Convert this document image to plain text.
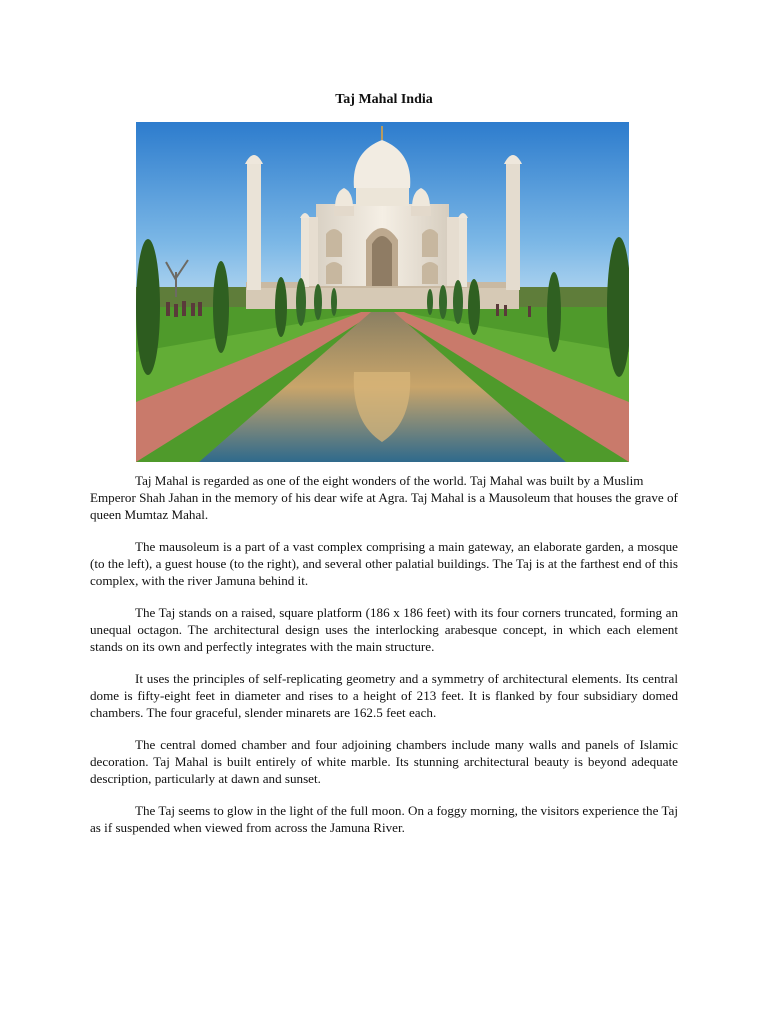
Taj Mahal India

Taj Mahal is regarded as one of the eight wonders of the world. Taj Mahal was built by a Muslim Emperor Shah Jahan in the memory of his dear wife at Agra. Taj Mahal is a Mausoleum that houses the grave of queen Mumtaz Mahal.

The mausoleum is a part of a vast complex comprising a main gateway, an elaborate garden, a mosque (to the left), a guest house (to the right), and several other palatial buildings. The Taj is at the farthest end of this complex, with the river Jamuna behind it.

The Taj stands on a raised, square platform (186 x 186 feet) with its four corners truncated, forming an unequal octagon. The architectural design uses the interlocking arabesque concept, in which each element stands on its own and perfectly integrates with the main structure.

It uses the principles of self-replicating geometry and a symmetry of architectural elements. Its central dome is fifty-eight feet in diameter and rises to a height of 213 feet. It is flanked by four subsidiary domed chambers. The four graceful, slender minarets are 162.5 feet each.

The central domed chamber and four adjoining chambers include many walls and panels of Islamic decoration. Taj Mahal is built entirely of white marble. Its stunning architectural beauty is beyond adequate description, particularly at dawn and sunset.

The Taj seems to glow in the light of the full moon. On a foggy morning, the visitors experience the Taj as if suspended when viewed from across the Jamuna River.
